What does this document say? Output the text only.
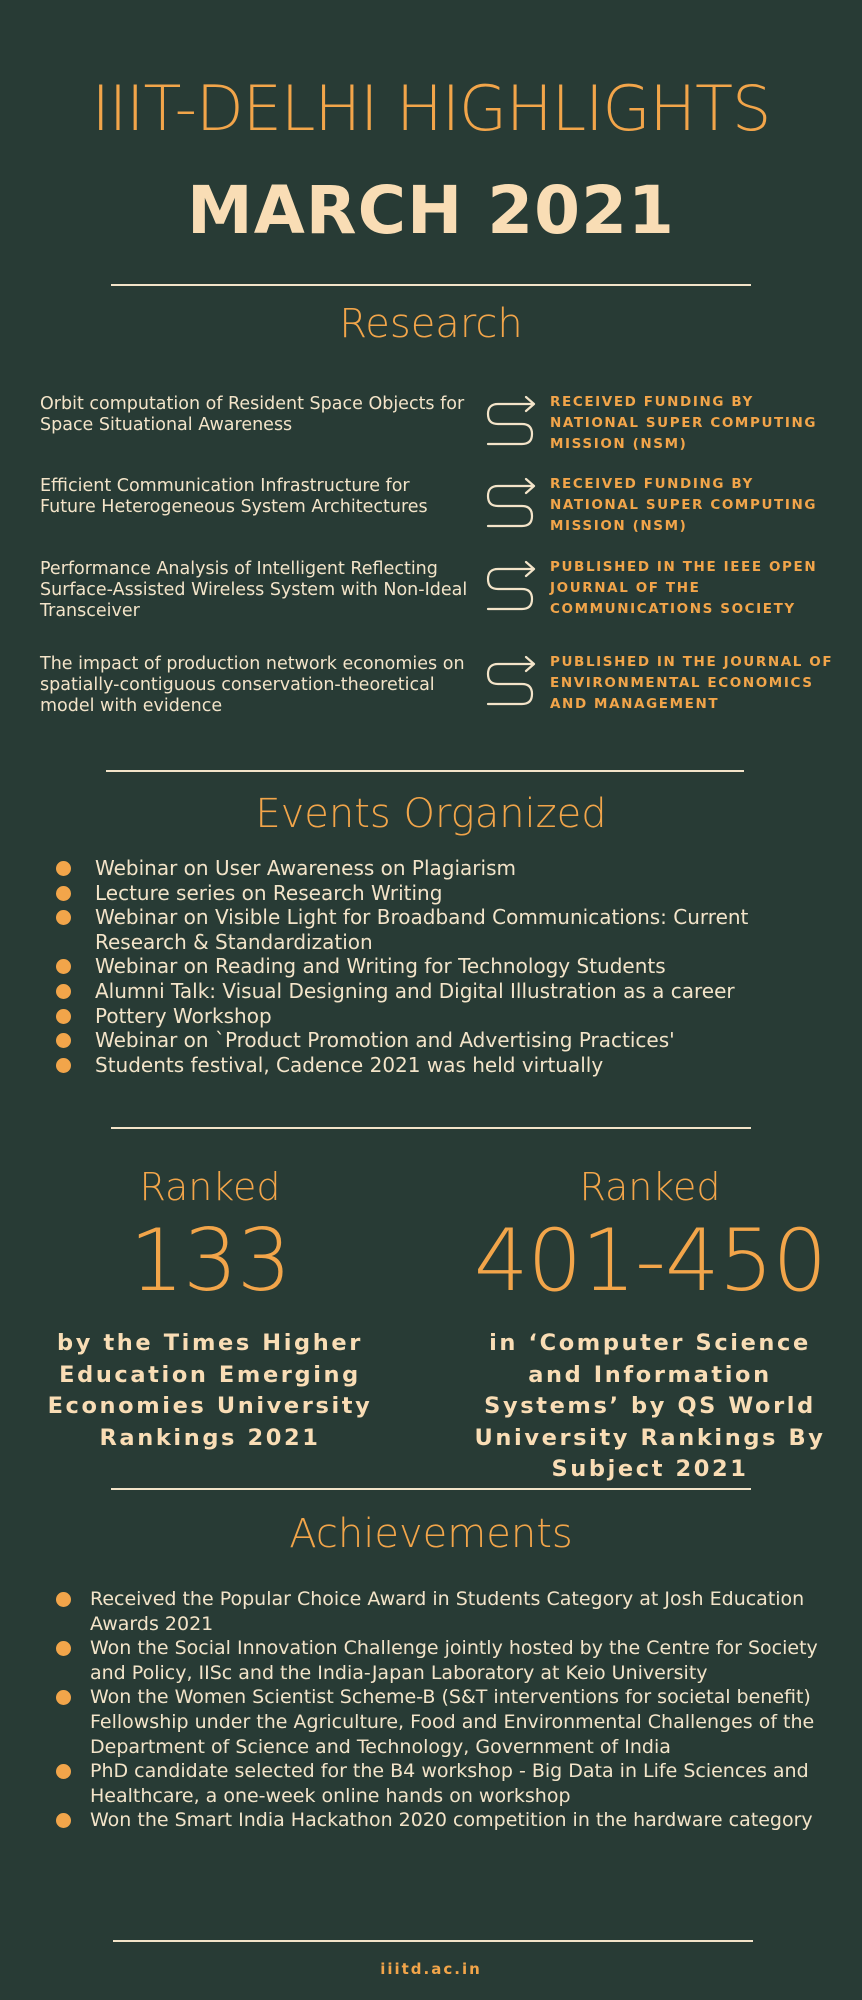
IIIT-DELHI HIGHLIGHTS
MARCH 2021
Research
Orbit computation of Resident Space Objects for Space Situational Awareness
RECEIVED FUNDING BY NATIONAL SUPER COMPUTING MISSION (NSM)
Efficient Communication Infrastructure for Future Heterogeneous System Architectures
RECEIVED FUNDING BY NATIONAL SUPER COMPUTING MISSION (NSM)
Performance Analysis of Intelligent Reflecting Surface-Assisted Wireless System with Non-Ideal Transceiver
PUBLISHED IN THE IEEE OPEN JOURNAL OF THE COMMUNICATIONS SOCIETY
The impact of production network economies on spatially-contiguous conservation-theoretical model with evidence
PUBLISHED IN THE JOURNAL OF ENVIRONMENTAL ECONOMICS AND MANAGEMENT
Events Organized
Webinar on User Awareness on Plagiarism
Lecture series on Research Writing
Webinar on Visible Light for Broadband Communications: Current Research & Standardization
Webinar on Reading and Writing for Technology Students
Alumni Talk: Visual Designing and Digital Illustration as a career
Pottery Workshop
Webinar on `Product Promotion and Advertising Practices'
Students festival, Cadence 2021 was held virtually
Ranked
133
by the Times Higher Education Emerging Economies University Rankings 2021
Ranked
401-450
in ‘Computer Science and Information Systems’ by QS World University Rankings By Subject 2021
Achievements
Received the Popular Choice Award in Students Category at Josh Education Awards 2021
Won the Social Innovation Challenge jointly hosted by the Centre for Society and Policy, IISc and the India-Japan Laboratory at Keio University
Won the Women Scientist Scheme-B (S&T interventions for societal benefit) Fellowship under the Agriculture, Food and Environmental Challenges of the Department of Science and Technology, Government of India
PhD candidate selected for the B4 workshop - Big Data in Life Sciences and Healthcare, a one-week online hands on workshop
Won the Smart India Hackathon 2020 competition in the hardware category
iiitd.ac.in
